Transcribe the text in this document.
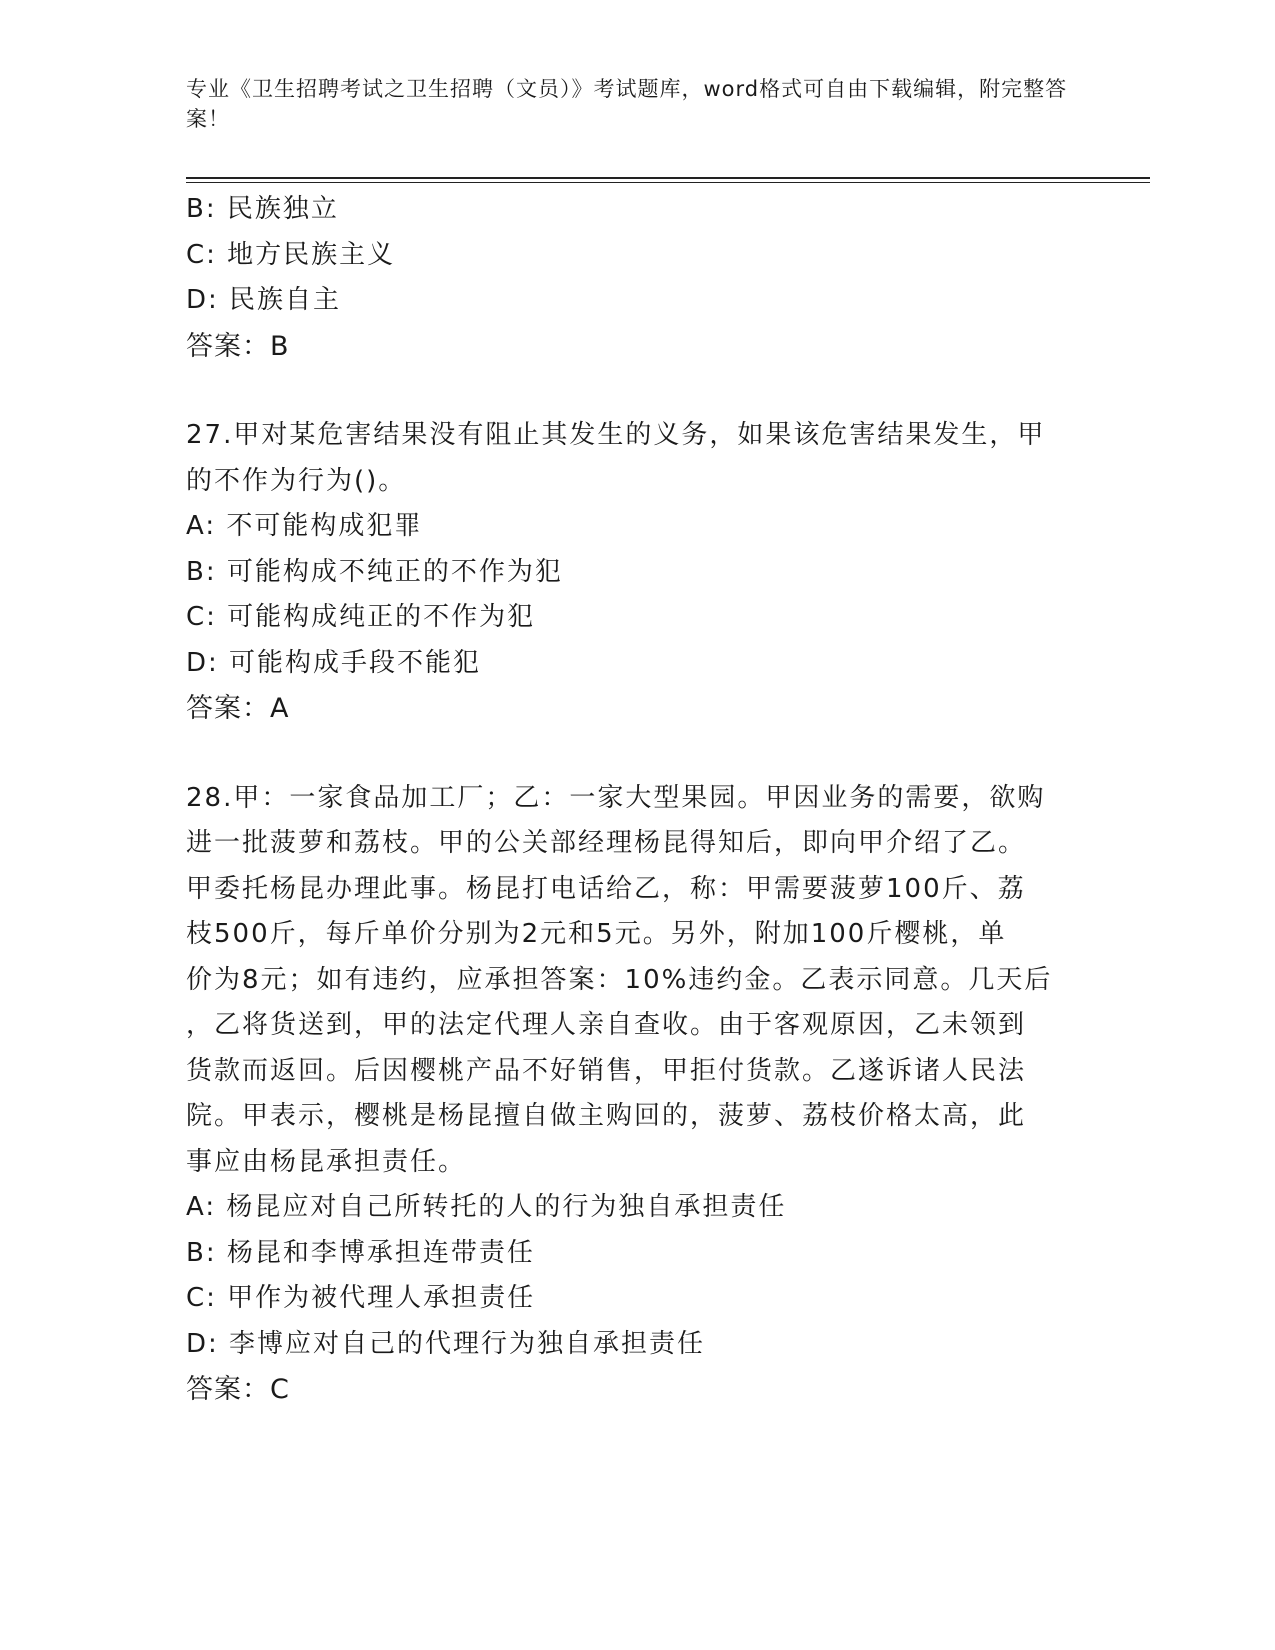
专业《卫生招聘考试之卫生招聘（文员）》考试题库，word格式可自由下载编辑，附完整答案！
B: 民族独立
C: 地方民族主义
D: 民族自主
答案：B
27.甲对某危害结果没有阻止其发生的义务，如果该危害结果发生，甲
的不作为行为()。
A: 不可能构成犯罪
B: 可能构成不纯正的不作为犯
C: 可能构成纯正的不作为犯
D: 可能构成手段不能犯
答案：A
28.甲：一家食品加工厂；乙：一家大型果园。甲因业务的需要，欲购
进一批菠萝和荔枝。甲的公关部经理杨昆得知后，即向甲介绍了乙。
甲委托杨昆办理此事。杨昆打电话给乙，称：甲需要菠萝100斤、荔
枝500斤，每斤单价分别为2元和5元。另外，附加100斤樱桃，单
价为8元；如有违约，应承担答案：10%违约金。乙表示同意。几天后
，乙将货送到，甲的法定代理人亲自查收。由于客观原因，乙未领到
货款而返回。后因樱桃产品不好销售，甲拒付货款。乙遂诉诸人民法
院。甲表示，樱桃是杨昆擅自做主购回的，菠萝、荔枝价格太高，此
事应由杨昆承担责任。
A: 杨昆应对自己所转托的人的行为独自承担责任
B: 杨昆和李博承担连带责任
C: 甲作为被代理人承担责任
D: 李博应对自己的代理行为独自承担责任
答案：C
